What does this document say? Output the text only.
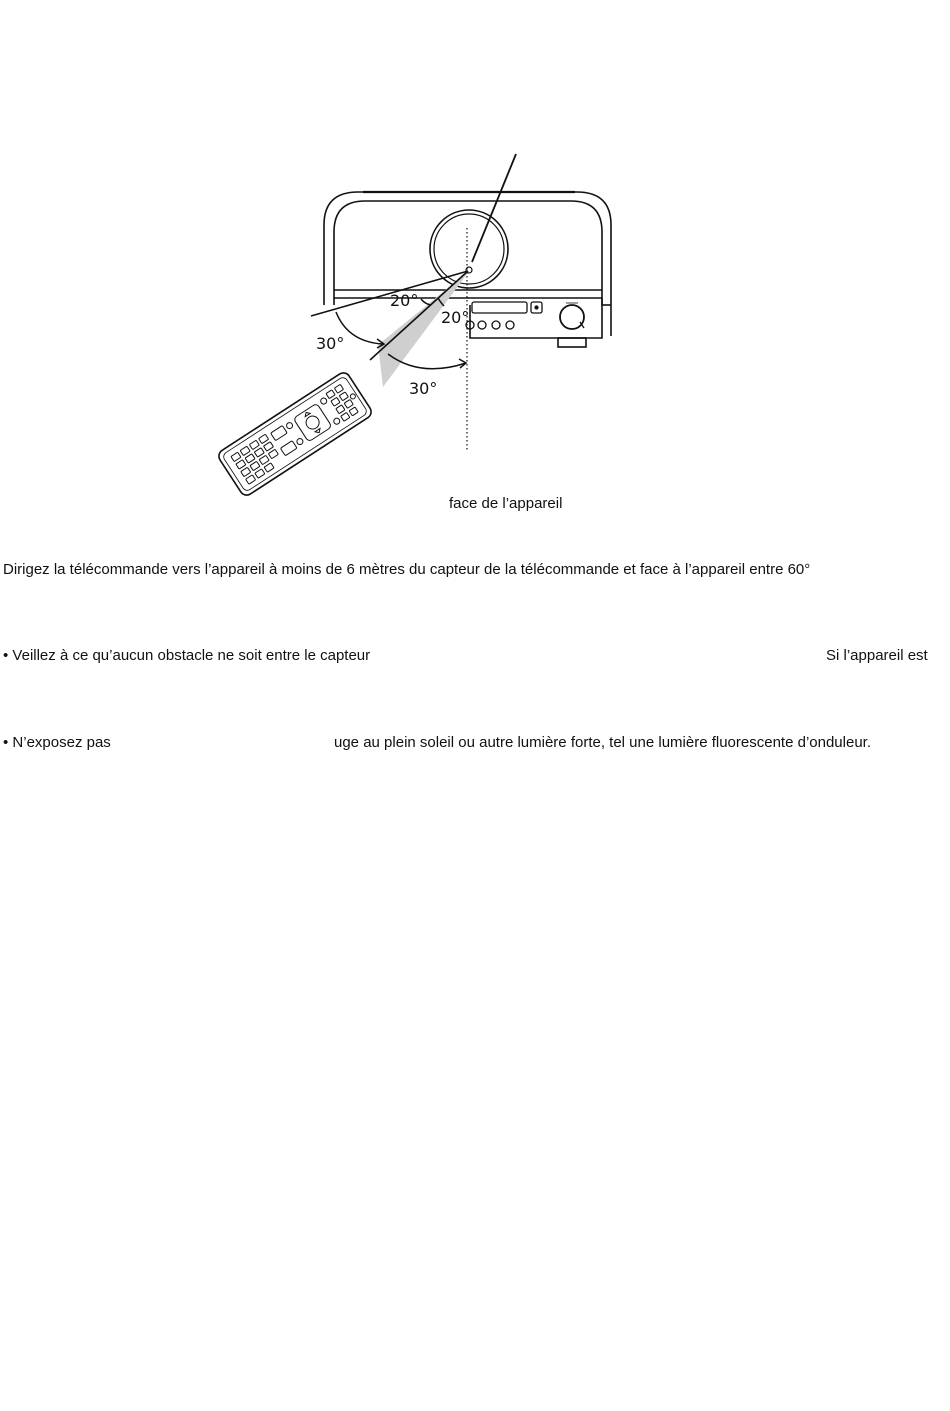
20°
20°
30°
30°
face de l’appareil
Dirigez la télécommande vers l’appareil à moins de 6 mètres du capteur de la télécommande et face à l’appareil entre 60°
• Veillez à ce qu’aucun obstacle ne soit entre le capteur	Si l’appareil est
• N’exposez pas	uge au plein soleil ou autre lumière forte, tel une lumière fluorescente d’onduleur.
